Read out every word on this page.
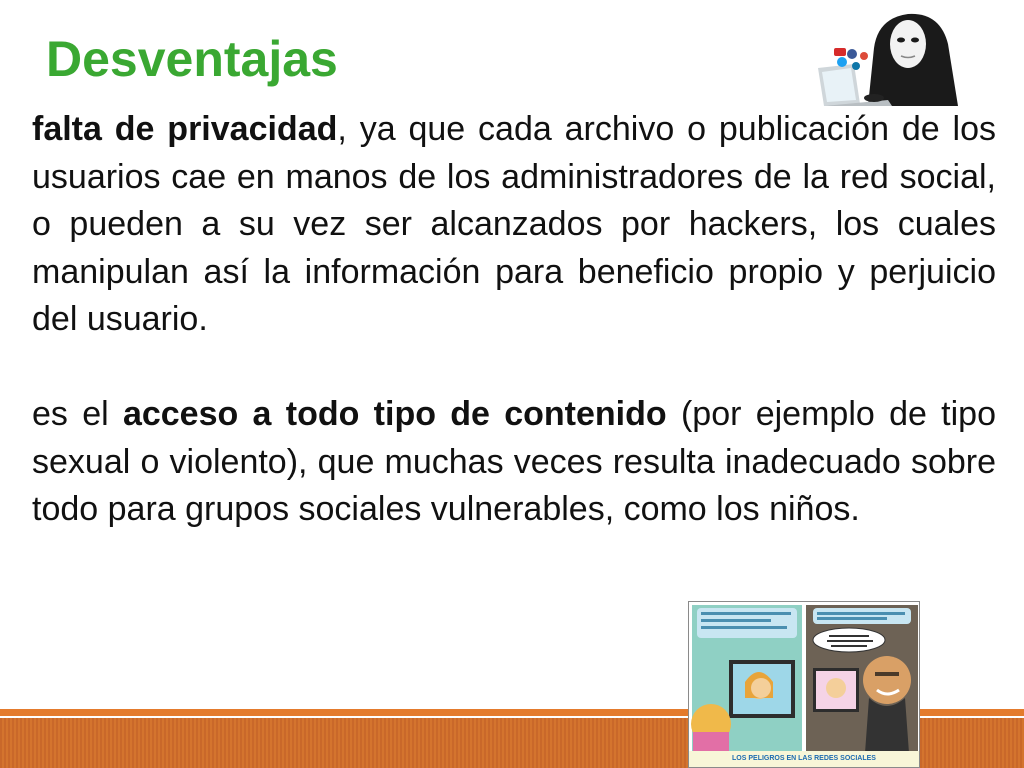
Desventajas

falta de privacidad, ya que cada archivo o publicación de los usuarios cae en manos de los administradores de la red social, o pueden a su vez ser alcanzados por hackers, los cuales manipulan así la información para beneficio propio y perjuicio del usuario.

es el acceso a todo tipo de contenido (por ejemplo de tipo sexual o violento), que muchas veces resulta inadecuado sobre todo para grupos sociales vulnerables, como los niños.

LOS PELIGROS EN LAS REDES SOCIALES
